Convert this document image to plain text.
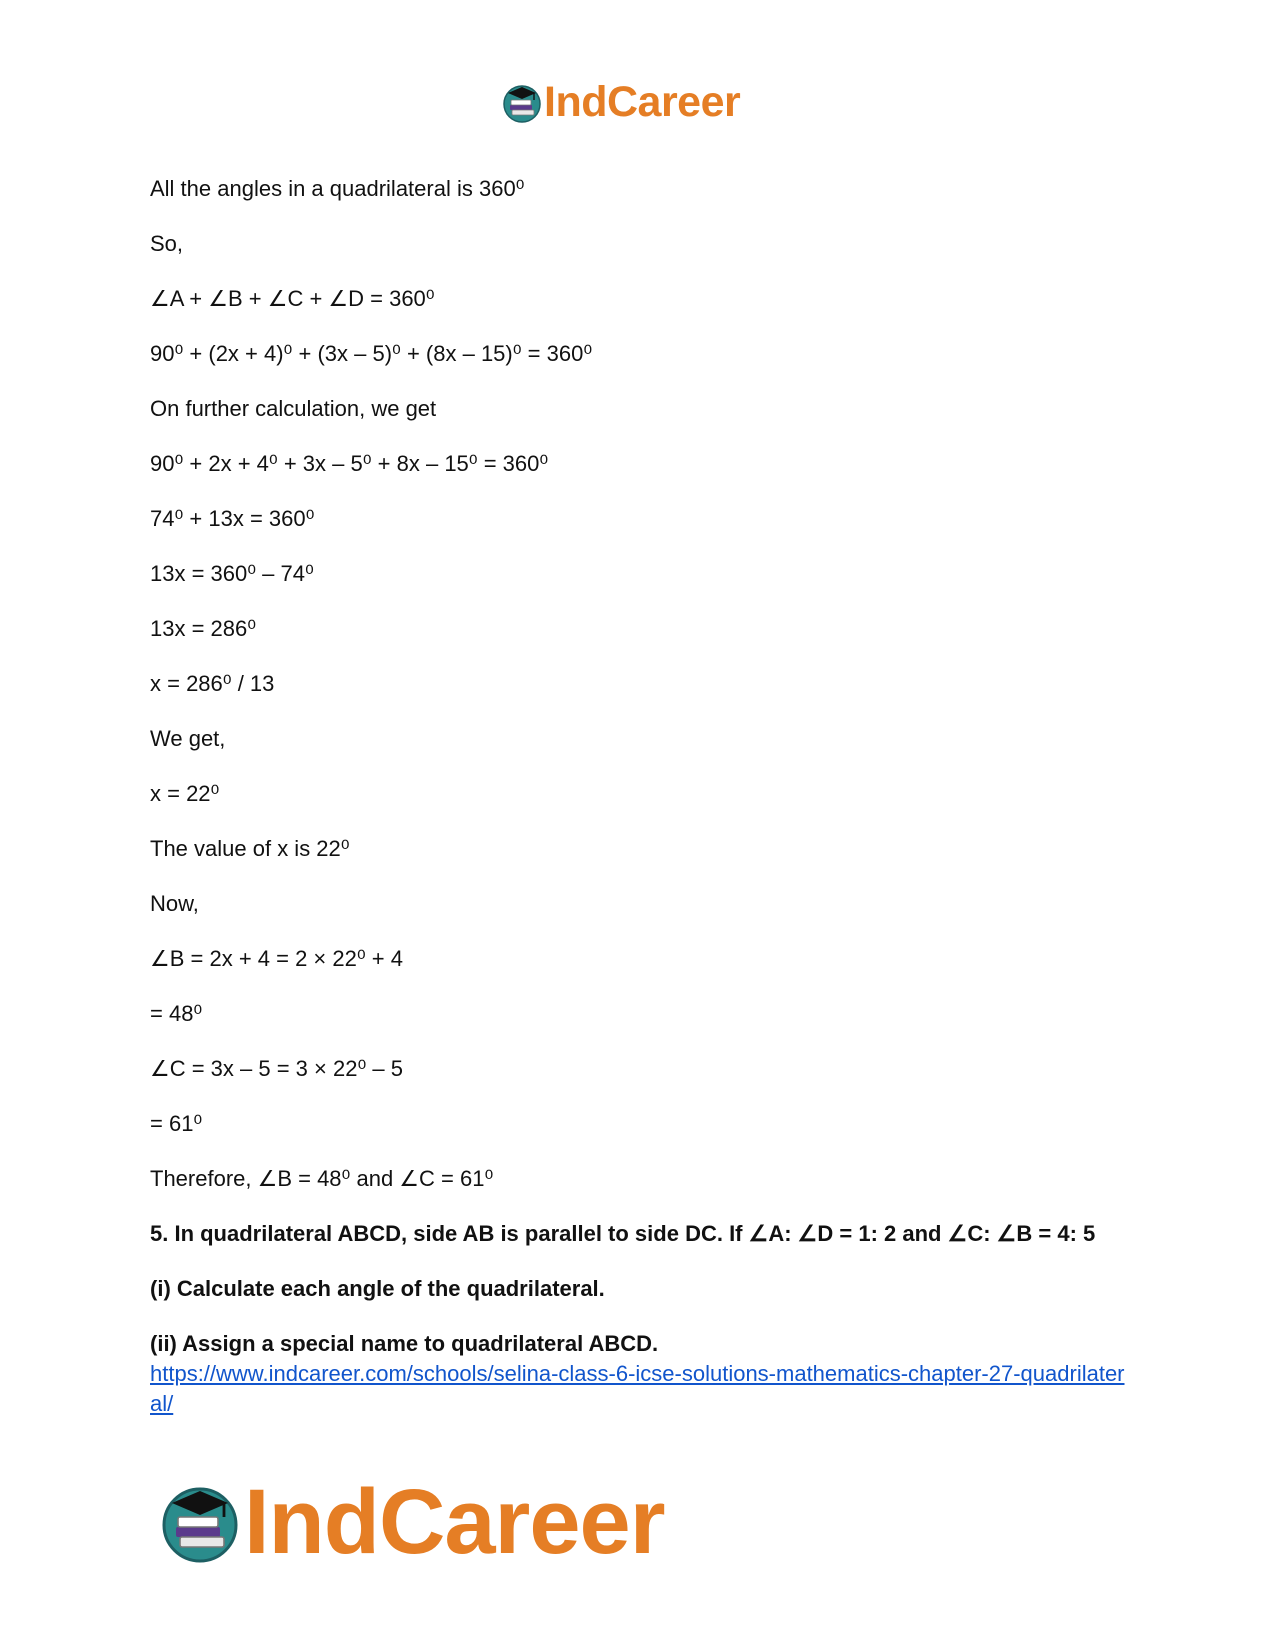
IndCareer
All the angles in a quadrilateral is 360⁰
So,
∠A + ∠B + ∠C + ∠D = 360⁰
90⁰ + (2x + 4)⁰ + (3x – 5)⁰ + (8x – 15)⁰ = 360⁰
On further calculation, we get
90⁰ + 2x + 4⁰ + 3x – 5⁰ + 8x – 15⁰ = 360⁰
74⁰ + 13x = 360⁰
13x = 360⁰ – 74⁰
13x = 286⁰
x = 286⁰ / 13
We get,
x = 22⁰
The value of x is 22⁰
Now,
∠B = 2x + 4 = 2 × 22⁰ + 4
= 48⁰
∠C = 3x – 5 = 3 × 22⁰ – 5
= 61⁰
Therefore, ∠B = 48⁰ and ∠C = 61⁰
5. In quadrilateral ABCD, side AB is parallel to side DC. If ∠A: ∠D = 1: 2 and ∠C: ∠B = 4: 5
(i) Calculate each angle of the quadrilateral.
(ii) Assign a special name to quadrilateral ABCD.
https://www.indcareer.com/schools/selina-class-6-icse-solutions-mathematics-chapter-27-quadrilateral/
IndCareer
